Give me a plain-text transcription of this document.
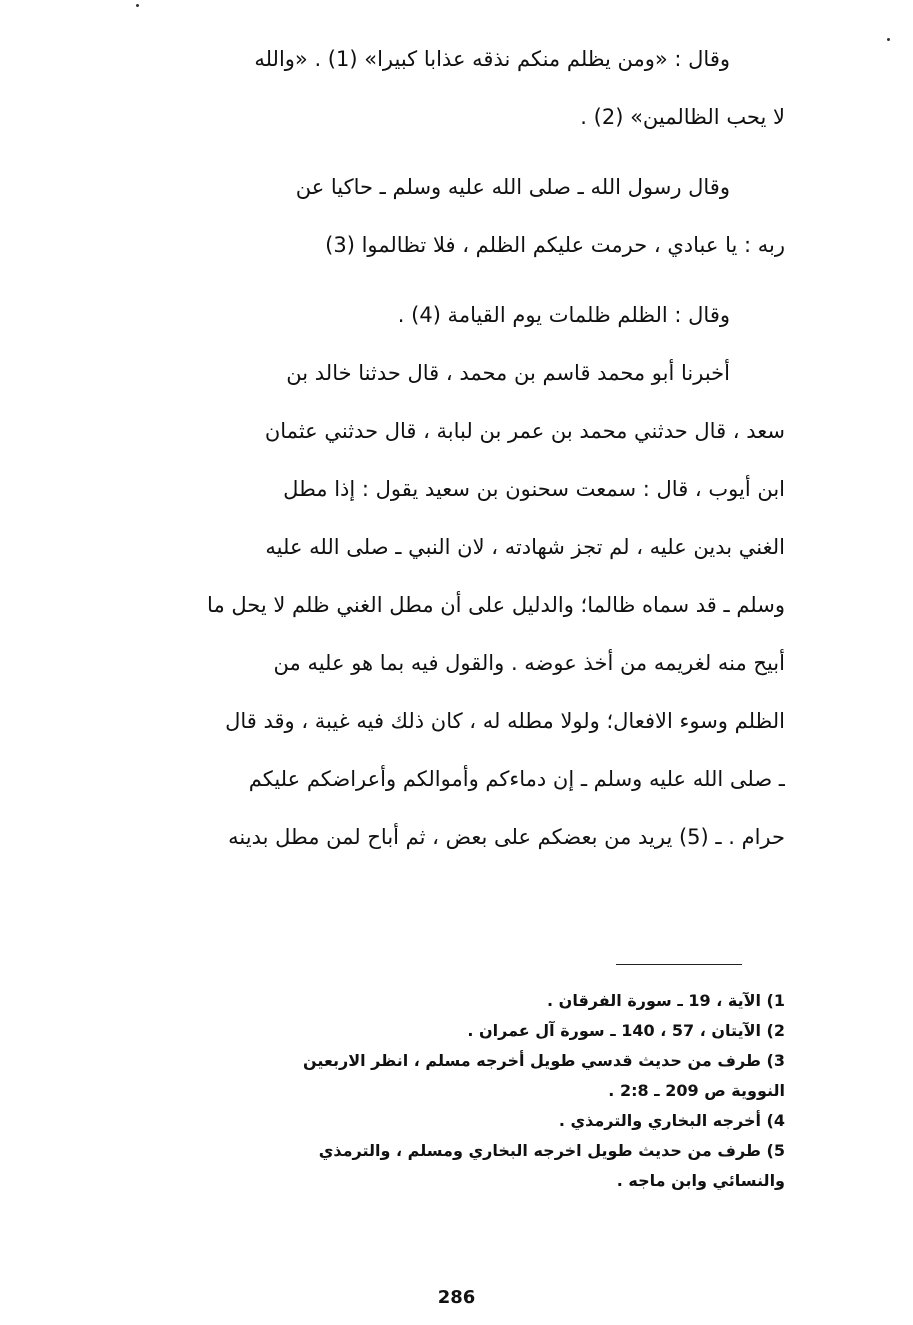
وقال : «ومن يظلم منكم نذقه عذابا كبيرا» (1) . «والله
لا يحب الظالمين» (2) .
وقال رسول الله ـ صلى الله عليه وسلم ـ حاكيا عن
ربه : يا عبادي ، حرمت عليكم الظلم ، فلا تظالموا (3)
وقال : الظلم ظلمات يوم القيامة (4) .
أخبرنا أبو محمد قاسم بن محمد ، قال حدثنا خالد بن
سعد ، قال حدثني محمد بن عمر بن لبابة ، قال حدثني عثمان
ابن أيوب ، قال : سمعت سحنون بن سعيد يقول : إذا مطل
الغني بدين عليه ، لم تجز شهادته ، لان النبي ـ صلى الله عليه
وسلم ـ قد سماه ظالما؛ والدليل على أن مطل الغني ظلم لا يحل ما
أبيح منه لغريمه من أخذ عوضه . والقول فيه بما هو عليه من
الظلم وسوء الافعال؛ ولولا مطله له ، كان ذلك فيه غيبة ، وقد قال
ـ صلى الله عليه وسلم ـ إن دماءكم وأموالكم وأعراضكم عليكم
حرام . ـ (5) يريد من بعضكم على بعض ، ثم أباح لمن مطل بدينه
1) الآية ، 19 ـ سورة الفرقان .
2) الآيتان ، 57 ، 140 ـ سورة آل عمران .
3) طرف من حديث قدسي طويل أخرجه مسلم ، انظر الاربعين
النووية ص 209 ـ 2:8 .
4) أخرجه البخاري والترمذي .
5) طرف من حديث طويل اخرجه البخاري ومسلم ، والترمذي
والنسائي وابن ماجه .
286
